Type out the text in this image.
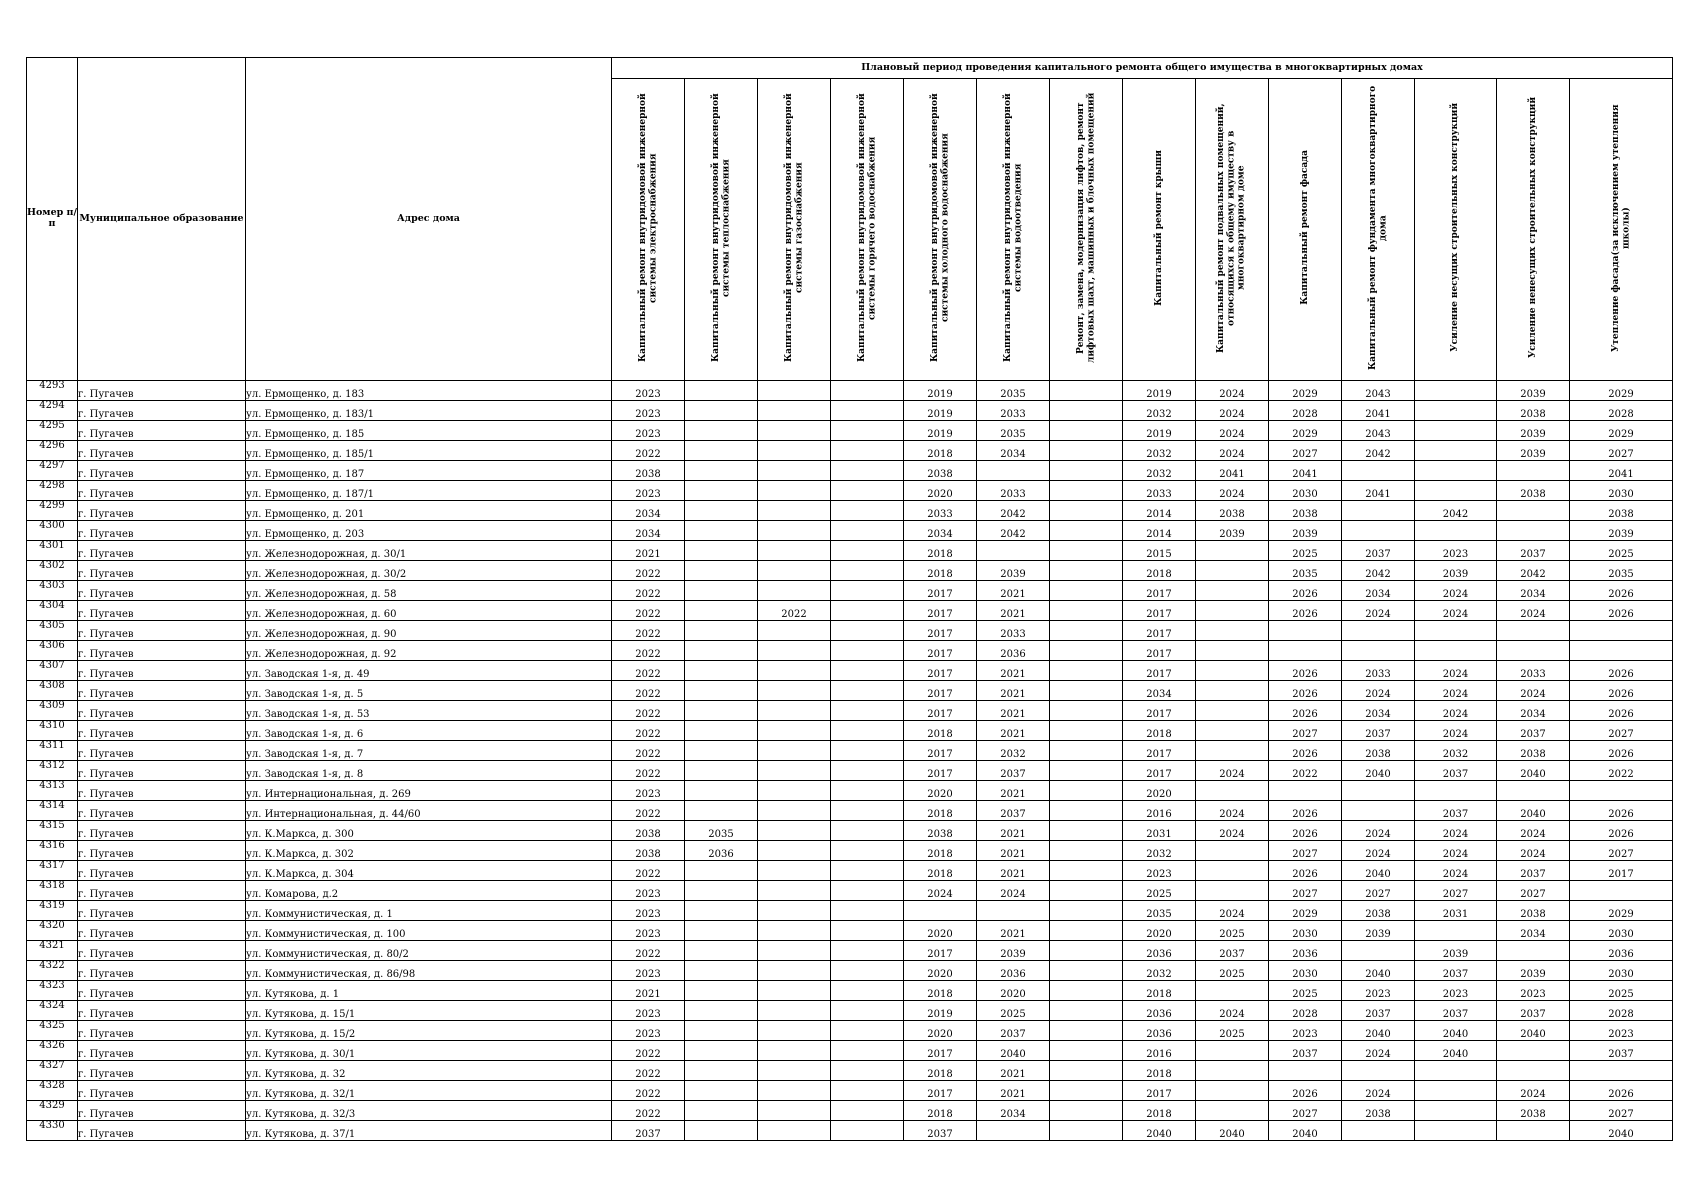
Номер п/п	Муниципальное образование	Адрес дома	Плановый период проведения капитального ремонта общего имущества в многоквартирных домах													
			Капитальный ремонт внутридомовой инженерной системы электроснабжения	Капитальный ремонт внутридомовой инженерной системы теплоснабжения	Капитальный ремонт внутридомовой инженерной системы газоснабжения	Капитальный ремонт внутридомовой инженерной системы горячего водоснабжения	Капитальный ремонт внутридомовой инженерной системы холодного водоснабжения	Капитальный ремонт внутридомовой инженерной системы водоотведения	Ремонт, замена, модернизация лифтов, ремонт лифтовых шахт, машинных и блочных помещений	Капитальный ремонт крыши	Капитальный ремонт подвальных помещений, относящихся к общему имуществу в многоквартирном доме	Капитальный ремонт фасада	Капитальный ремонт фундамента многоквартирного дома	Усиление несущих строительных конструкций	Усиление ненесущих строительных конструкций	Утепление фасада(за исключением утепления школы)
4293	г. Пугачев	ул. Ермощенко, д. 183	2023				2019	2035		2019	2024	2029	2043		2039	2029
4294	г. Пугачев	ул. Ермощенко, д. 183/1	2023				2019	2033		2032	2024	2028	2041		2038	2028
4295	г. Пугачев	ул. Ермощенко, д. 185	2023				2019	2035		2019	2024	2029	2043		2039	2029
4296	г. Пугачев	ул. Ермощенко, д. 185/1	2022				2018	2034		2032	2024	2027	2042		2039	2027
4297	г. Пугачев	ул. Ермощенко, д. 187	2038				2038			2032	2041	2041				2041
4298	г. Пугачев	ул. Ермощенко, д. 187/1	2023				2020	2033		2033	2024	2030	2041		2038	2030
4299	г. Пугачев	ул. Ермощенко, д. 201	2034				2033	2042		2014	2038	2038		2042		2038
4300	г. Пугачев	ул. Ермощенко, д. 203	2034				2034	2042		2014	2039	2039				2039
4301	г. Пугачев	ул. Железнодорожная, д. 30/1	2021				2018			2015		2025	2037	2023	2037	2025
4302	г. Пугачев	ул. Железнодорожная, д. 30/2	2022				2018	2039		2018		2035	2042	2039	2042	2035
4303	г. Пугачев	ул. Железнодорожная, д. 58	2022				2017	2021		2017		2026	2034	2024	2034	2026
4304	г. Пугачев	ул. Железнодорожная, д. 60	2022		2022		2017	2021		2017		2026	2024	2024	2024	2026
4305	г. Пугачев	ул. Железнодорожная, д. 90	2022				2017	2033		2017						
4306	г. Пугачев	ул. Железнодорожная, д. 92	2022				2017	2036		2017						
4307	г. Пугачев	ул. Заводская 1-я, д. 49	2022				2017	2021		2017		2026	2033	2024	2033	2026
4308	г. Пугачев	ул. Заводская 1-я, д. 5	2022				2017	2021		2034		2026	2024	2024	2024	2026
4309	г. Пугачев	ул. Заводская 1-я, д. 53	2022				2017	2021		2017		2026	2034	2024	2034	2026
4310	г. Пугачев	ул. Заводская 1-я, д. 6	2022				2018	2021		2018		2027	2037	2024	2037	2027
4311	г. Пугачев	ул. Заводская 1-я, д. 7	2022				2017	2032		2017		2026	2038	2032	2038	2026
4312	г. Пугачев	ул. Заводская 1-я, д. 8	2022				2017	2037		2017	2024	2022	2040	2037	2040	2022
4313	г. Пугачев	ул. Интернациональная, д. 269	2023				2020	2021		2020						
4314	г. Пугачев	ул. Интернациональная, д. 44/60	2022				2018	2037		2016	2024	2026		2037	2040	2026
4315	г. Пугачев	ул. К.Маркса, д. 300	2038	2035			2038	2021		2031	2024	2026	2024	2024	2024	2026
4316	г. Пугачев	ул. К.Маркса, д. 302	2038	2036			2018	2021		2032		2027	2024	2024	2024	2027
4317	г. Пугачев	ул. К.Маркса, д. 304	2022				2018	2021		2023		2026	2040	2024	2037	2017
4318	г. Пугачев	ул. Комарова, д.2	2023				2024	2024		2025		2027	2027	2027	2027	
4319	г. Пугачев	ул. Коммунистическая, д. 1	2023							2035	2024	2029	2038	2031	2038	2029
4320	г. Пугачев	ул. Коммунистическая, д. 100	2023				2020	2021		2020	2025	2030	2039		2034	2030
4321	г. Пугачев	ул. Коммунистическая, д. 80/2	2022				2017	2039		2036	2037	2036		2039		2036
4322	г. Пугачев	ул. Коммунистическая, д. 86/98	2023				2020	2036		2032	2025	2030	2040	2037	2039	2030
4323	г. Пугачев	ул. Кутякова, д. 1	2021				2018	2020		2018		2025	2023	2023	2023	2025
4324	г. Пугачев	ул. Кутякова, д. 15/1	2023				2019	2025		2036	2024	2028	2037	2037	2037	2028
4325	г. Пугачев	ул. Кутякова, д. 15/2	2023				2020	2037		2036	2025	2023	2040	2040	2040	2023
4326	г. Пугачев	ул. Кутякова, д. 30/1	2022				2017	2040		2016		2037	2024	2040		2037
4327	г. Пугачев	ул. Кутякова, д. 32	2022				2018	2021		2018						
4328	г. Пугачев	ул. Кутякова, д. 32/1	2022				2017	2021		2017		2026	2024		2024	2026
4329	г. Пугачев	ул. Кутякова, д. 32/3	2022				2018	2034		2018		2027	2038		2038	2027
4330	г. Пугачев	ул. Кутякова, д. 37/1	2037				2037			2040	2040	2040				2040
